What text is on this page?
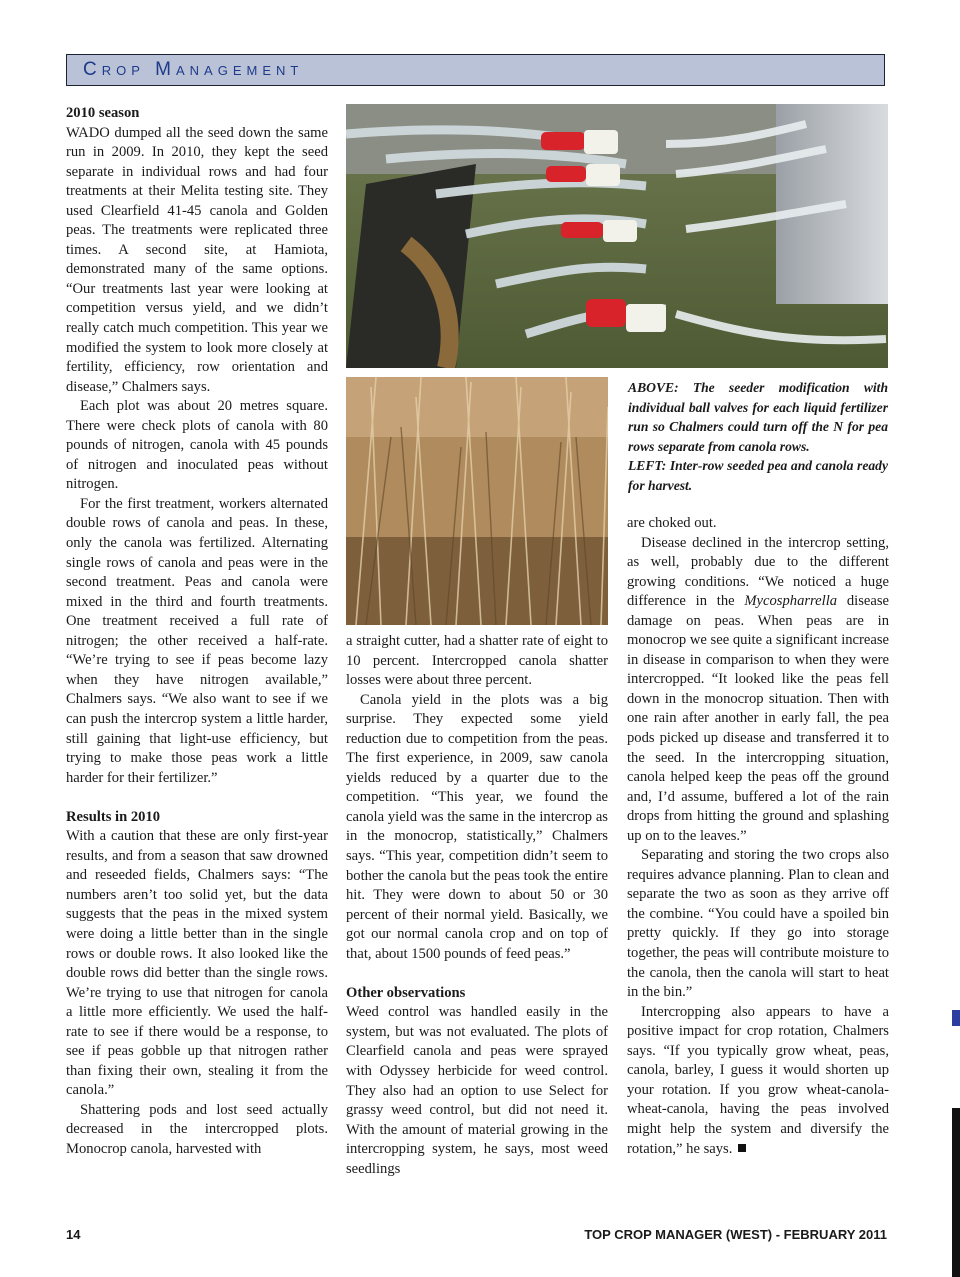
Crop Management
2010 season

WADO dumped all the seed down the same run in 2009. In 2010, they kept the seed separate in individual rows and had four treatments at their Melita testing site. They used Clearfield 41-45 canola and Golden peas. The treatments were replicated three times. A second site, at Hamiota, demonstrated many of the same options. “Our treatments last year were looking at competition versus yield, and we didn’t really catch much competition. This year we modified the system to look more closely at fertility, efficiency, row orientation and disease,” Chalmers says.

Each plot was about 20 metres square. There were check plots of canola with 80 pounds of nitrogen, canola with 45 pounds of nitrogen and inoculated peas without nitrogen.

For the first treatment, workers alternated double rows of canola and peas. In these, only the canola was fertilized. Alternating single rows of canola and peas were in the second treatment. Peas and canola were mixed in the third and fourth treatments. One treatment received a full rate of nitrogen; the other received a half-rate. “We’re trying to see if peas become lazy when they have nitrogen available,” Chalmers says. “We also want to see if we can push the intercrop system a little harder, still gaining that light-use efficiency, but trying to make those peas work a little harder for their fertilizer.”

Results in 2010

With a caution that these are only first-year results, and from a season that saw drowned and reseeded fields, Chalmers says: “The numbers aren’t too solid yet, but the data suggests that the peas in the mixed system were doing a little better than in the single rows or double rows. It also looked like the double rows did better than the single rows. We’re trying to use that nitrogen for canola a little more efficiently. We used the half-rate to see if there would be a response, to see if peas gobble up that nitrogen rather than fixing their own, stealing it from the canola.”

Shattering pods and lost seed actually decreased in the intercropped plots. Monocrop canola, harvested with

ABOVE: The seeder modification with individual ball valves for each liquid fertilizer run so Chalmers could turn off the N for pea rows separate from canola rows.

LEFT: Inter-row seeded pea and canola ready for harvest.

a straight cutter, had a shatter rate of eight to 10 percent. Intercropped canola shatter losses were about three percent.

Canola yield in the plots was a big surprise. They expected some yield reduction due to competition from the peas. The first experience, in 2009, saw canola yields reduced by a quarter due to the competition. “This year, we found the canola yield was the same in the intercrop as in the monocrop, statistically,” Chalmers says. “This year, competition didn’t seem to bother the canola but the peas took the entire hit. They were down to about 50 or 30 percent of their normal yield. Basically, we got our normal canola crop and on top of that, about 1500 pounds of feed peas.”

Other observations

Weed control was handled easily in the system, but was not evaluated. The plots of Clearfield canola and peas were sprayed with Odyssey herbicide for weed control. They also had an option to use Select for grassy weed control, but did not need it. With the amount of material growing in the intercropping system, he says, most weed seedlings

are choked out.

Disease declined in the intercrop setting, as well, probably due to the different growing conditions. “We noticed a huge difference in the Mycospharrella disease damage on peas. When peas are in monocrop we see quite a significant increase in disease in comparison to when they were intercropped. “It looked like the peas fell down in the monocrop situation. Then with one rain after another in early fall, the pea pods picked up disease and transferred it to the seed. In the intercropping situation, canola helped keep the peas off the ground and, I’d assume, buffered a lot of the rain drops from hitting the ground and splashing up on to the leaves.”

Separating and storing the two crops also requires advance planning. Plan to clean and separate the two as soon as they arrive off the combine. “You could have a spoiled bin pretty quickly. If they go into storage together, the peas will contribute moisture to the canola, then the canola will start to heat in the bin.”

Intercropping also appears to have a positive impact for crop rotation, Chalmers says. “If you typically grow wheat, peas, canola, barley, I guess it would shorten up your rotation. If you grow wheat-canola-wheat-canola, having the peas involved might help the system and diversify the rotation,” he says.

14	TOP CROP MANAGER (WEST) - FEBRUARY 2011
